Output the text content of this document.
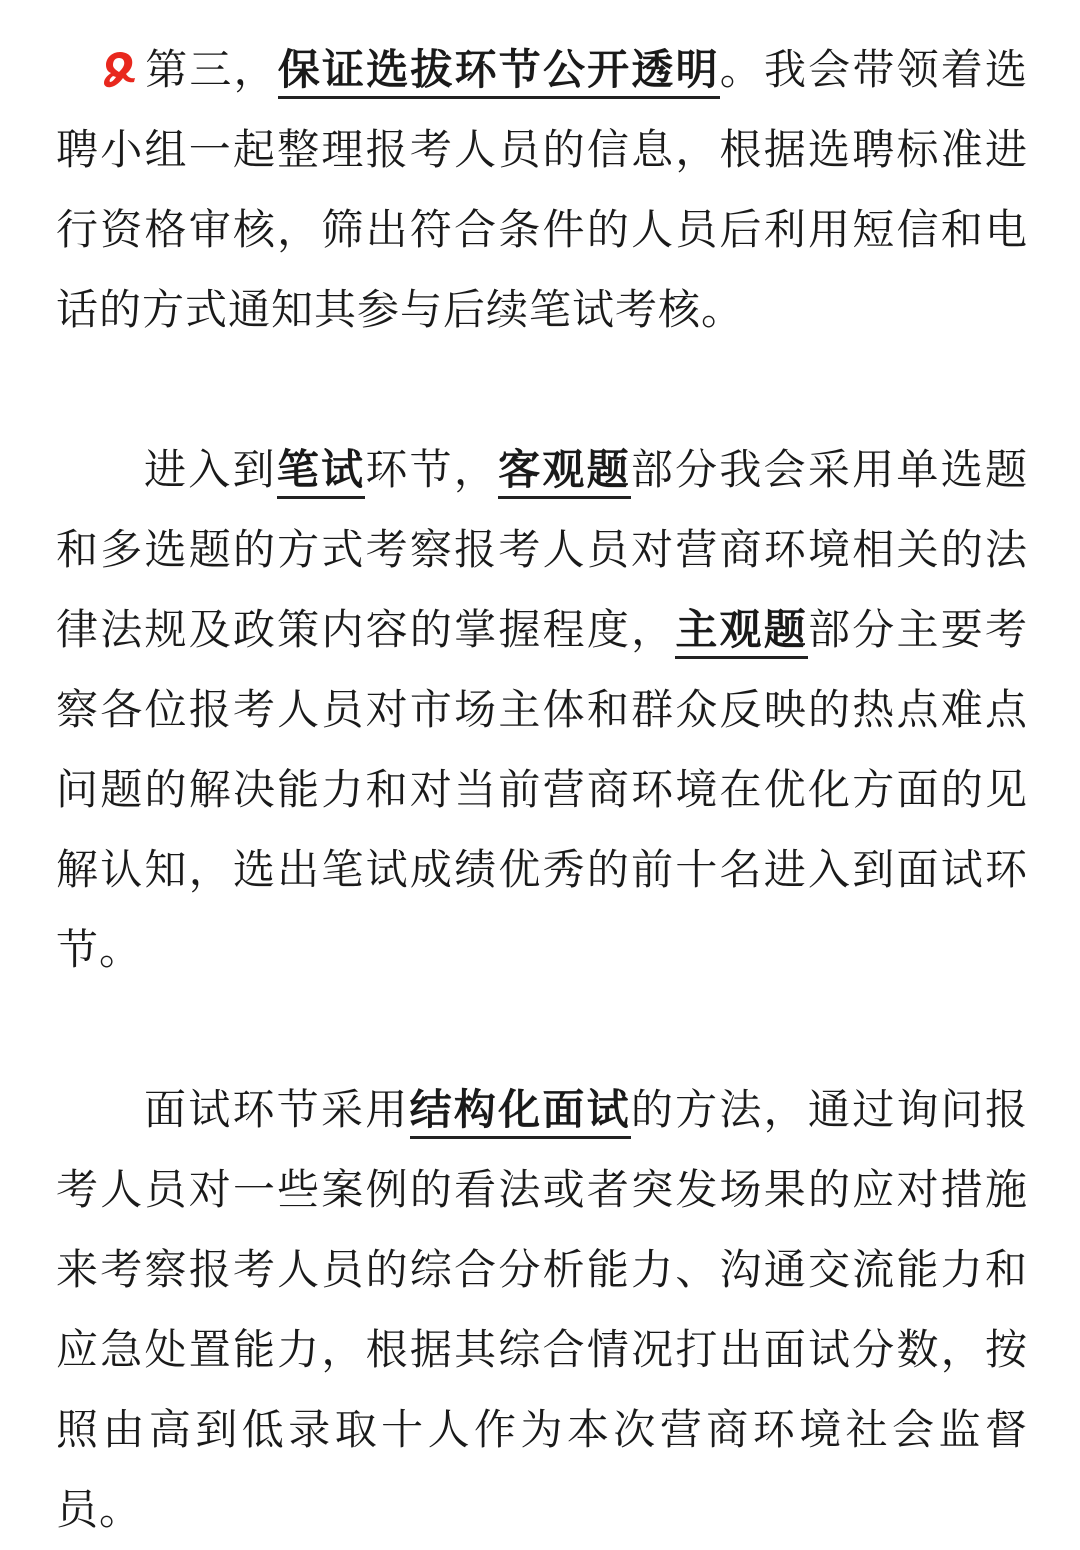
第三，保证选拔环节公开透明。我会带领着选聘小组一起整理报考人员的信息，根据选聘标准进行资格审核，筛出符合条件的人员后利用短信和电话的方式通知其参与后续笔试考核。

进入到笔试环节，客观题部分我会采用单选题和多选题的方式考察报考人员对营商环境相关的法律法规及政策内容的掌握程度，主观题部分主要考察各位报考人员对市场主体和群众反映的热点难点问题的解决能力和对当前营商环境在优化方面的见解认知，选出笔试成绩优秀的前十名进入到面试环节。

面试环节采用结构化面试的方法，通过询问报考人员对一些案例的看法或者突发场果的应对措施来考察报考人员的综合分析能力、沟通交流能力和应急处置能力，根据其综合情况打出面试分数，按照由高到低录取十人作为本次营商环境社会监督员。
